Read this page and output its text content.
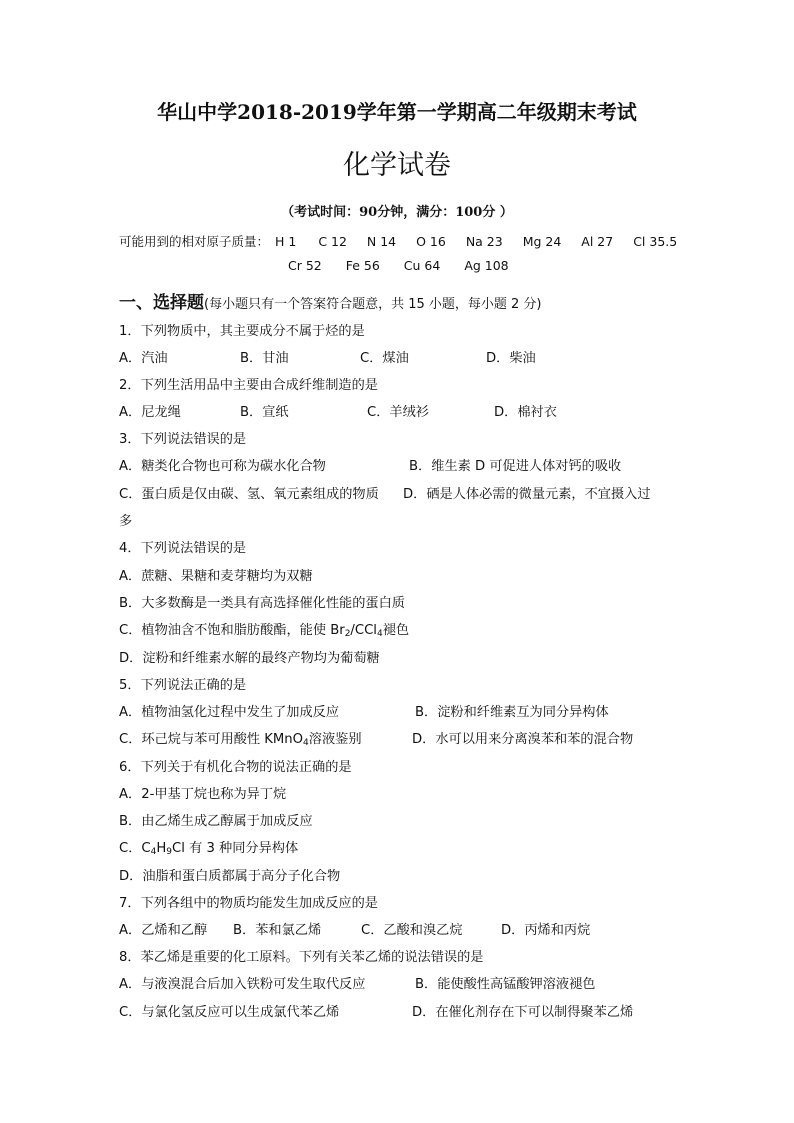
华山中学2018-2019学年第一学期高二年级期末考试
化学试卷
（考试时间：90分钟，满分：100分 ）
可能用到的相对原子质量： H 1 C 12 N 14 O 16 Na 23 Mg 24 Al 27 Cl 35.5
Cr 52 Fe 56 Cu 64 Ag 108
一、选择题(每小题只有一个答案符合题意，共 15 小题，每小题 2 分)
1．下列物质中，其主要成分不属于烃的是
A．汽油	B．甘油	C．煤油	D．柴油
2．下列生活用品中主要由合成纤维制造的是
A．尼龙绳	B．宣纸	C．羊绒衫	D．棉衬衣
3．下列说法错误的是
A．糖类化合物也可称为碳水化合物	B．维生素 D 可促进人体对钙的吸收
C．蛋白质是仅由碳、氢、氧元素组成的物质 D．硒是人体必需的微量元素，不宜摄入过
多
4．下列说法错误的是
A．蔗糖、果糖和麦芽糖均为双糖
B．大多数酶是一类具有高选择催化性能的蛋白质
C．植物油含不饱和脂肪酸酯，能使 $Br_2/CCl_4$褪色
D．淀粉和纤维素水解的最终产物均为葡萄糖
5．下列说法正确的是
A．植物油氢化过程中发生了加成反应	B．淀粉和纤维素互为同分异构体
C．环己烷与苯可用酸性 KMnO$_4$溶液鉴别	D．水可以用来分离溴苯和苯的混合物
6．下列关于有机化合物的说法正确的是
A．2-甲基丁烷也称为异丁烷
B．由乙烯生成乙醇属于加成反应
C．$C_4H_9Cl$ 有 3 种同分异构体
D．油脂和蛋白质都属于高分子化合物
7．下列各组中的物质均能发生加成反应的是
A．乙烯和乙醇 B．苯和氯乙烯	C．乙酸和溴乙烷	D．丙烯和丙烷
8．苯乙烯是重要的化工原料。下列有关苯乙烯的说法错误的是
A．与液溴混合后加入铁粉可发生取代反应	B．能使酸性高锰酸钾溶液褪色
C．与氯化氢反应可以生成氯代苯乙烯	D．在催化剂存在下可以制得聚苯乙烯
